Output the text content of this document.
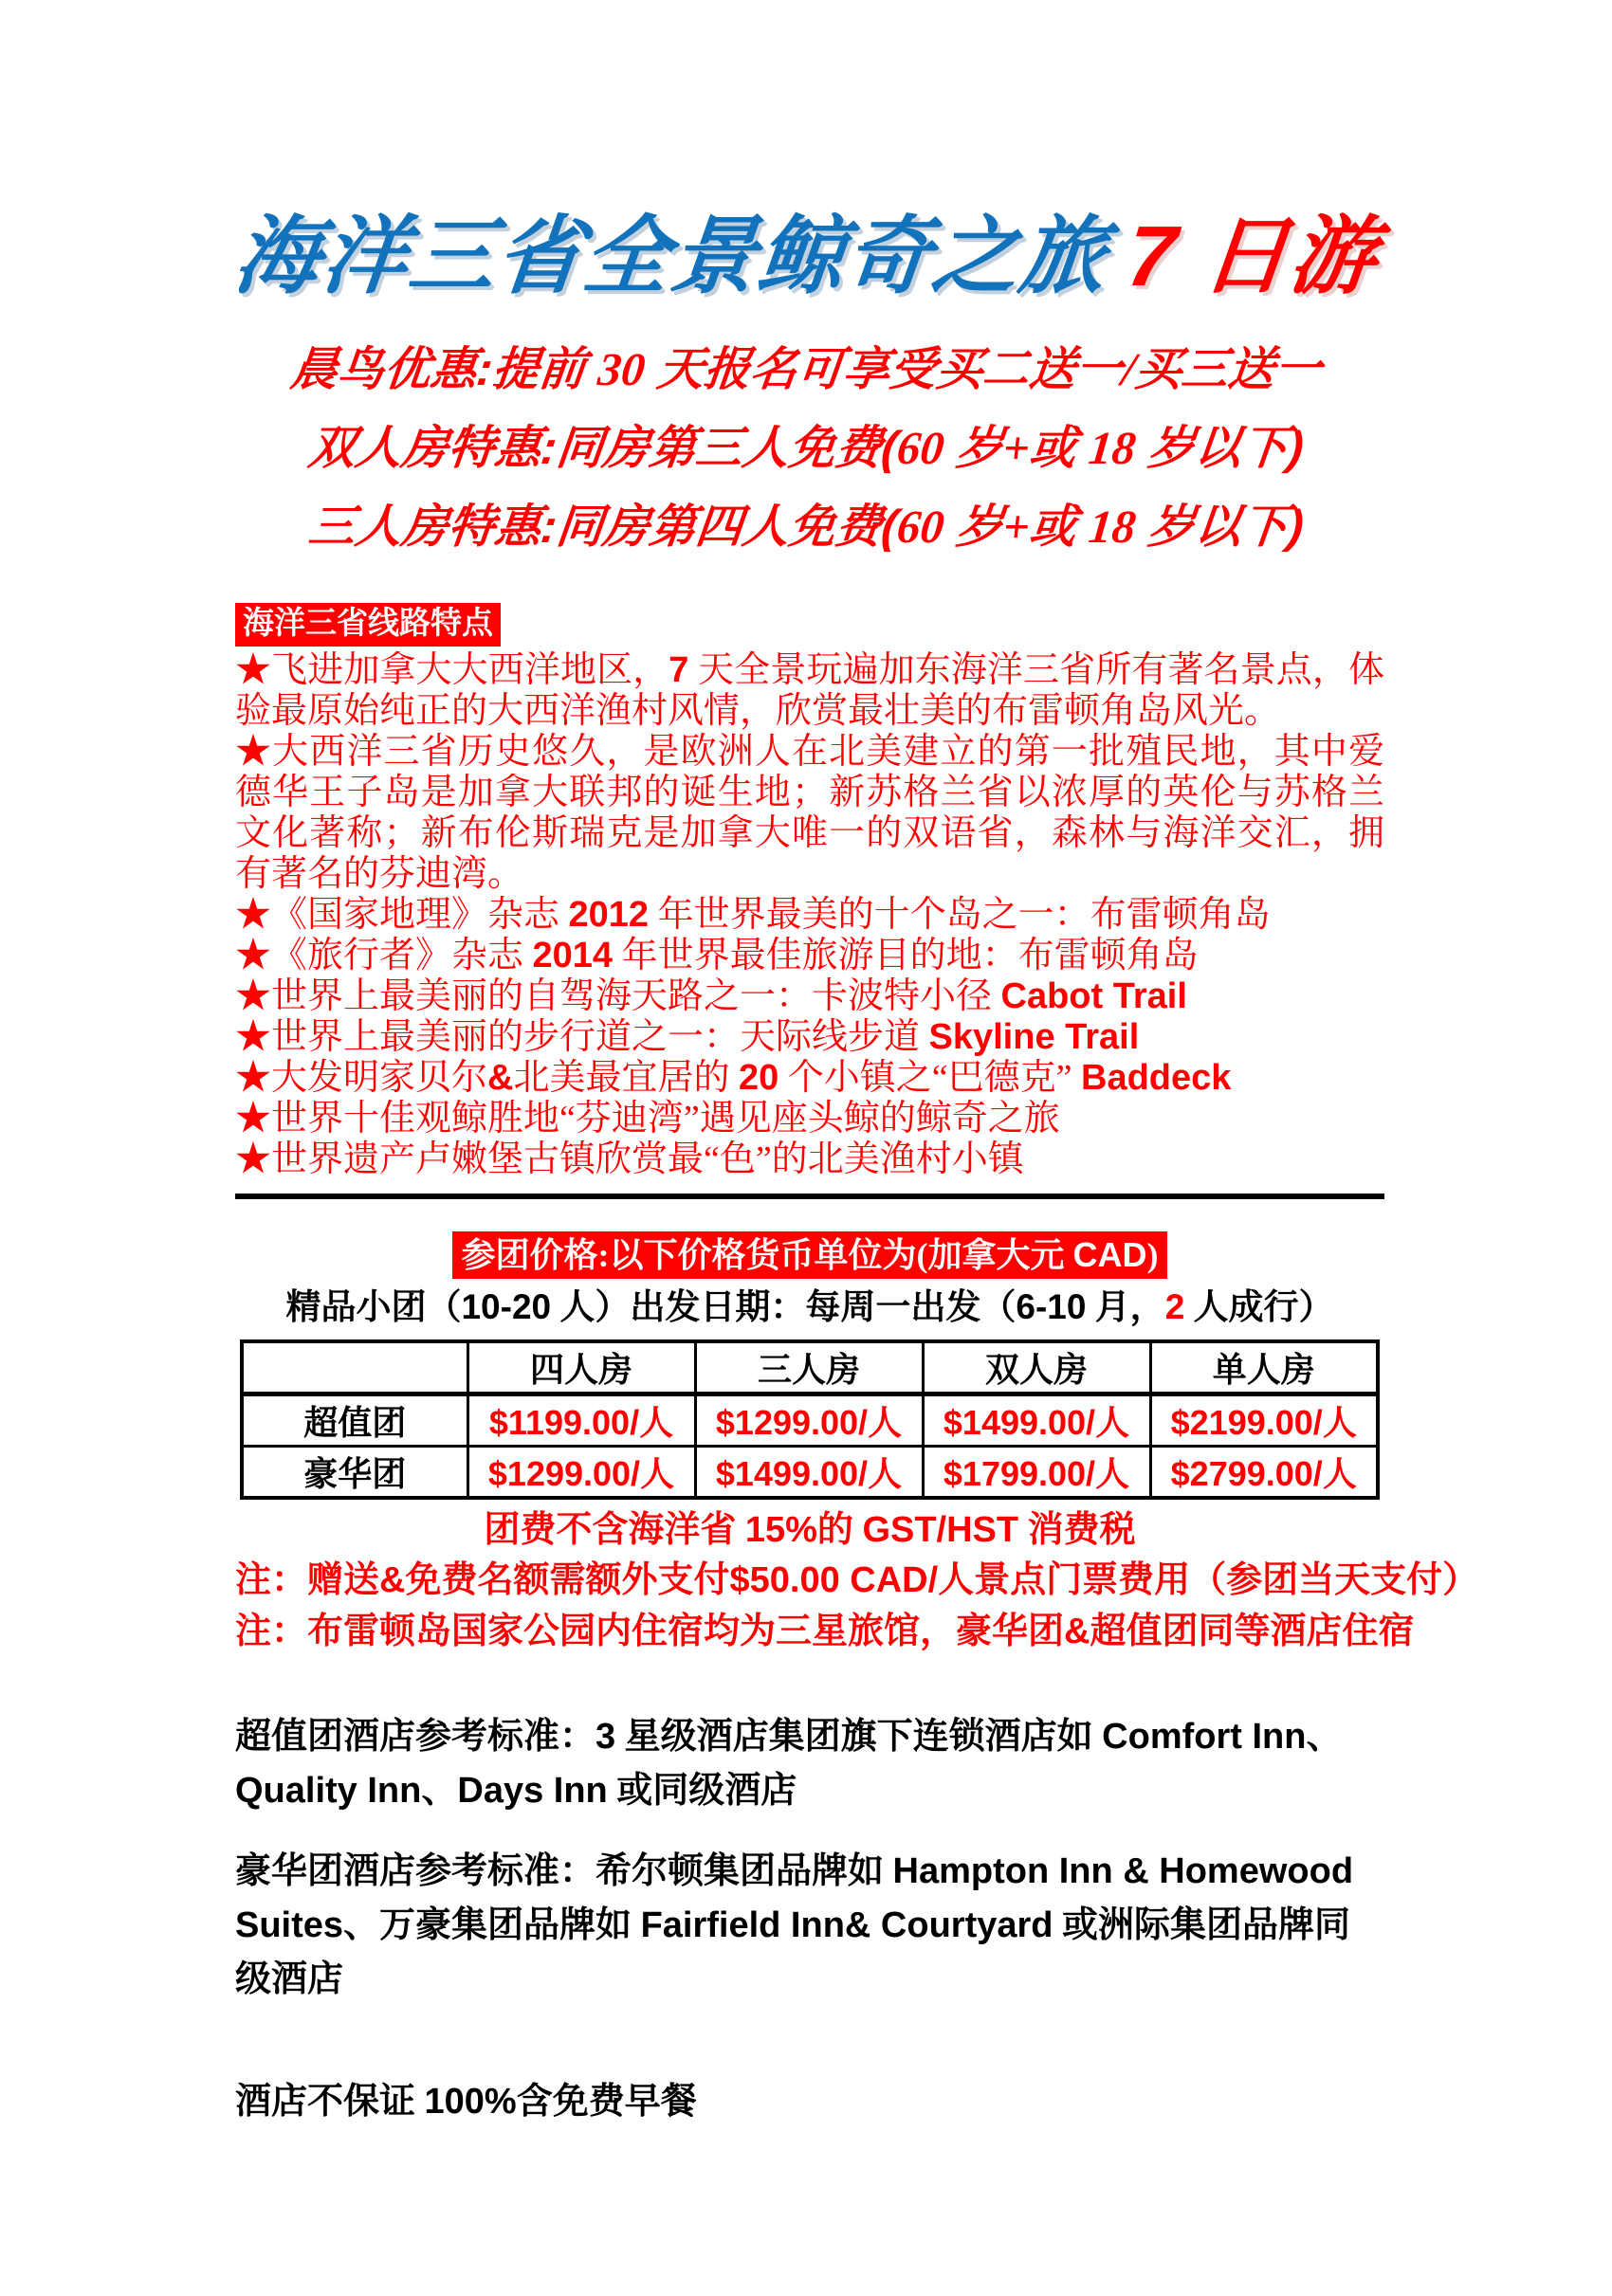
海洋三省全景鲸奇之旅 7 日游
晨鸟优惠:提前 30 天报名可享受买二送一/买三送一
双人房特惠:同房第三人免费(60 岁+或 18 岁以下)
三人房特惠:同房第四人免费(60 岁+或 18 岁以下)
海洋三省线路特点
★飞进加拿大大西洋地区，7 天全景玩遍加东海洋三省所有著名景点，体验最原始纯正的大西洋渔村风情，欣赏最壮美的布雷顿角岛风光。
★大西洋三省历史悠久，是欧洲人在北美建立的第一批殖民地，其中爱德华王子岛是加拿大联邦的诞生地；新苏格兰省以浓厚的英伦与苏格兰文化著称；新布伦斯瑞克是加拿大唯一的双语省，森林与海洋交汇，拥有著名的芬迪湾。
★《国家地理》杂志 2012 年世界最美的十个岛之一：布雷顿角岛
★《旅行者》杂志 2014 年世界最佳旅游目的地：布雷顿角岛
★世界上最美丽的自驾海天路之一：卡波特小径 Cabot Trail
★世界上最美丽的步行道之一：天际线步道 Skyline Trail
★大发明家贝尔&北美最宜居的 20 个小镇之“巴德克” Baddeck
★世界十佳观鲸胜地“芬迪湾”遇见座头鲸的鲸奇之旅
★世界遗产卢嫩堡古镇欣赏最“色”的北美渔村小镇
参团价格:以下价格货币单位为(加拿大元 CAD)
精品小团（10-20 人）出发日期：每周一出发（6-10 月，2 人成行）
	四人房	三人房	双人房	单人房
超值团	$1199.00/人	$1299.00/人	$1499.00/人	$2199.00/人
豪华团	$1299.00/人	$1499.00/人	$1799.00/人	$2799.00/人
团费不含海洋省 15%的 GST/HST 消费税
注：赠送&免费名额需额外支付$50.00 CAD/人景点门票费用（参团当天支付）
注：布雷顿岛国家公园内住宿均为三星旅馆，豪华团&超值团同等酒店住宿
超值团酒店参考标准：3 星级酒店集团旗下连锁酒店如 Comfort Inn、Quality Inn、Days Inn 或同级酒店
豪华团酒店参考标准：希尔顿集团品牌如 Hampton Inn & Homewood Suites、万豪集团品牌如 Fairfield Inn& Courtyard 或洲际集团品牌同级酒店
酒店不保证 100%含免费早餐
